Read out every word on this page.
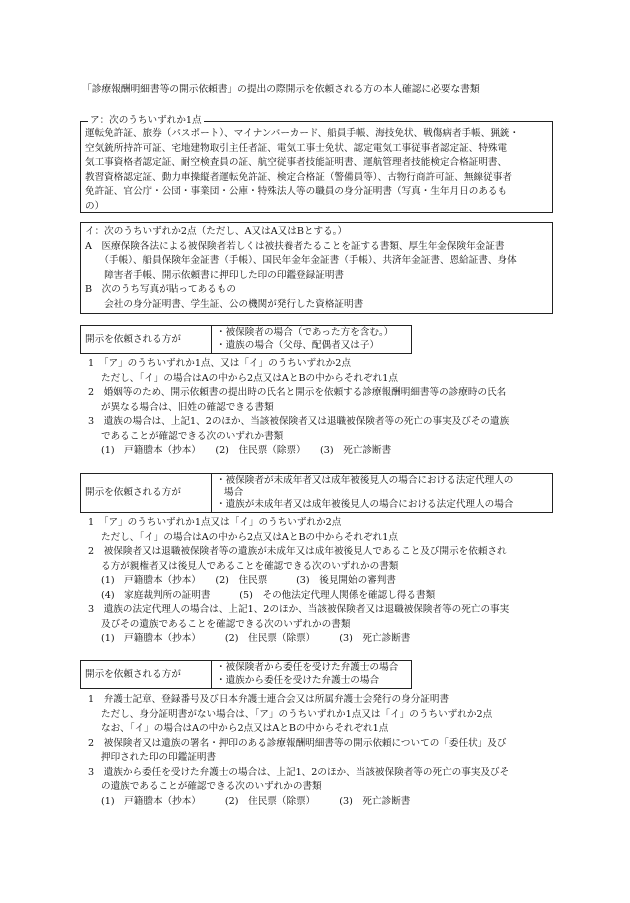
「診療報酬明細書等の開示依頼書」の提出の際開示を依頼される方の本人確認に必要な書類
ア：次のうちいずれか1点
運転免許証、旅券（パスポート）、マイナンバーカード、船員手帳、海技免状、戦傷病者手帳、猟銃・
空気銃所持許可証、宅地建物取引主任者証、電気工事士免状、認定電気工事従事者認定証、特殊電
気工事資格者認定証、耐空検査員の証、航空従事者技能証明書、運航管理者技能検定合格証明書、
教習資格認定証、動力車操縦者運転免許証、検定合格証（警備員等）、古物行商許可証、無線従事者
免許証、官公庁・公団・事業団・公庫・特殊法人等の職員の身分証明書（写真・生年月日のあるも
の）
イ：次のうちいずれか2点（ただし、A又はA又はBとする。）
A　医療保険各法による被保険者若しくは被扶養者たることを証する書類、厚生年金保険年金証書
　　（手帳）、船員保険年金証書（手帳）、国民年金年金証書（手帳）、共済年金証書、恩給証書、身体
　　障害者手帳、開示依頼書に押印した印の印鑑登録証明書
B　次のうち写真が貼ってあるもの
　　会社の身分証明書、学生証、公の機関が発行した資格証明書
開示を依頼される方が
・被保険者の場合（であった方を含む。）
・遺族の場合（父母、配偶者又は子）
1　「ア」のうちいずれか1点、又は「イ」のうちいずれか2点
ただし、「イ」の場合はAの中から2点又はAとBの中からそれぞれ1点
2　婚姻等のため、開示依頼書の提出時の氏名と開示を依頼する診療報酬明細書等の診療時の氏名
が異なる場合は、旧姓の確認できる書類
3　遺族の場合は、上記1、2のほか、当該被保険者又は退職被保険者等の死亡の事実及びその遺族
であることが確認できる次のいずれか書類
(1)　戸籍謄本（抄本）　　(2)　住民票（除票）　　(3)　死亡診断書
開示を依頼される方が
・被保険者が未成年者又は成年被後見人の場合における法定代理人の
場合
・遺族が未成年者又は成年被後見人の場合における法定代理人の場合
1　「ア」のうちいずれか1点又は「イ」のうちいずれか2点
ただし、「イ」の場合はAの中から2点又はAとBの中からそれぞれ1点
2　被保険者又は退職被保険者等の遺族が未成年又は成年被後見人であること及び開示を依頼され
る方が親権者又は後見人であることを確認できる次のいずれかの書類
(1)　戸籍謄本（抄本）　　(2)　住民票　　　(3)　後見開始の審判書
(4)　家庭裁判所の証明書　　　(5)　その他法定代理人関係を確認し得る書類
3　遺族の法定代理人の場合は、上記1、2のほか、当該被保険者又は退職被保険者等の死亡の事実
及びその遺族であることを確認できる次のいずれかの書類
(1)　戸籍謄本（抄本）　　　(2)　住民票（除票）　　　(3)　死亡診断書
開示を依頼される方が
・被保険者から委任を受けた弁護士の場合
・遺族から委任を受けた弁護士の場合
1　弁護士記章、登録番号及び日本弁護士連合会又は所属弁護士会発行の身分証明書
ただし、身分証明書がない場合は、「ア」のうちいずれか1点又は「イ」のうちいずれか2点
なお、「イ」の場合はAの中から2点又はAとBの中からそれぞれ1点
2　被保険者又は遺族の署名・押印のある診療報酬明細書等の開示依頼についての「委任状」及び
押印された印の印鑑証明書
3　遺族から委任を受けた弁護士の場合は、上記1、2のほか、当該被保険者等の死亡の事実及びそ
の遺族であることが確認できる次のいずれかの書類
(1)　戸籍謄本（抄本）　　　(2)　住民票（除票）　　　(3)　死亡診断書
